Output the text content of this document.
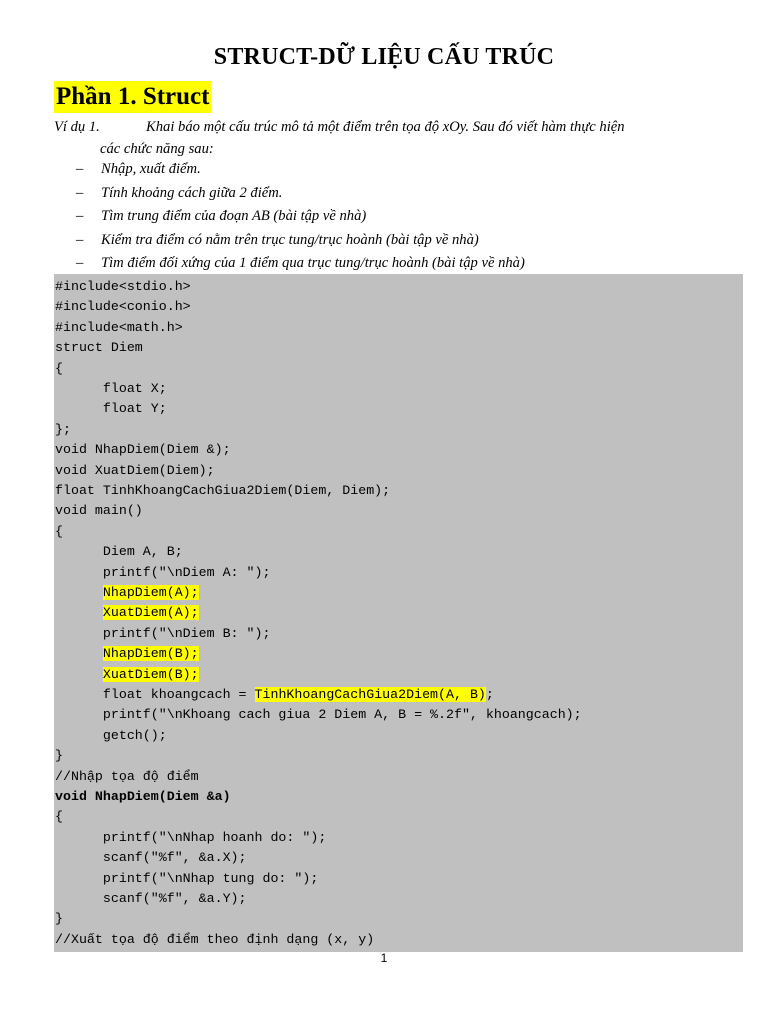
STRUCT-DỮ LIỆU CẤU TRÚC
Phần 1. Struct
Ví dụ 1.	Khai báo một cấu trúc mô tả một điểm trên tọa độ xOy. Sau đó viết hàm thực hiện
các chức năng sau:
– Nhập, xuất điểm.
– Tính khoảng cách giữa 2 điểm.
– Tìm trung điểm của đoạn AB (bài tập về nhà)
– Kiểm tra điểm có nằm trên trục tung/trục hoành (bài tập về nhà)
– Tìm điểm đối xứng của 1 điểm qua trục tung/trục hoành (bài tập về nhà)
#include<stdio.h>
#include<conio.h>
#include<math.h>
struct Diem
{
float X;
float Y;
};
void NhapDiem(Diem &);
void XuatDiem(Diem);
float TinhKhoangCachGiua2Diem(Diem, Diem);
void main()
{
Diem A, B;
printf("\nDiem A: ");
NhapDiem(A);
XuatDiem(A);
printf("\nDiem B: ");
NhapDiem(B);
XuatDiem(B);
float khoangcach = TinhKhoangCachGiua2Diem(A, B);
printf("\nKhoang cach giua 2 Diem A, B = %.2f", khoangcach);
getch();
}
//Nhập tọa độ điểm
void NhapDiem(Diem &a)
{
printf("\nNhap hoanh do: ");
scanf("%f", &a.X);
printf("\nNhap tung do: ");
scanf("%f", &a.Y);
}
//Xuất tọa độ điểm theo định dạng (x, y)
1
